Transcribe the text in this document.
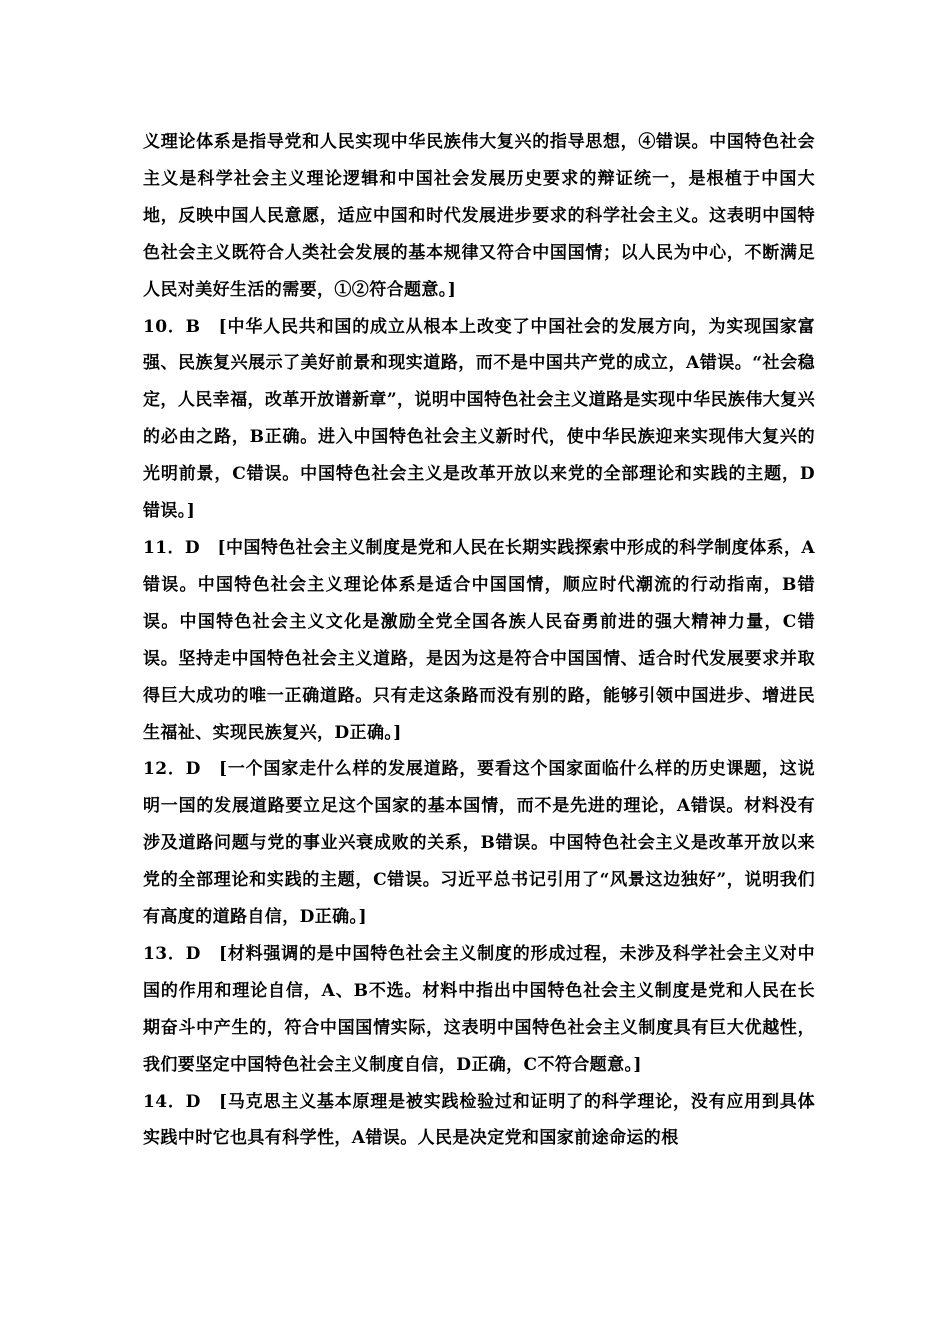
义理论体系是指导党和人民实现中华民族伟大复兴的指导思想，④错误。中国特色社会主义是科学社会主义理论逻辑和中国社会发展历史要求的辩证统一，是根植于中国大地，反映中国人民意愿，适应中国和时代发展进步要求的科学社会主义。这表明中国特色社会主义既符合人类社会发展的基本规律又符合中国国情；以人民为中心，不断满足人民对美好生活的需要，①②符合题意。]

10．B　[中华人民共和国的成立从根本上改变了中国社会的发展方向，为实现国家富强、民族复兴展示了美好前景和现实道路，而不是中国共产党的成立，A错误。“社会稳定，人民幸福，改革开放谱新章”，说明中国特色社会主义道路是实现中华民族伟大复兴的必由之路，B正确。进入中国特色社会主义新时代，使中华民族迎来实现伟大复兴的光明前景，C错误。中国特色社会主义是改革开放以来党的全部理论和实践的主题，D错误。]

11．D　[中国特色社会主义制度是党和人民在长期实践探索中形成的科学制度体系，A错误。中国特色社会主义理论体系是适合中国国情，顺应时代潮流的行动指南，B错误。中国特色社会主义文化是激励全党全国各族人民奋勇前进的强大精神力量，C错误。坚持走中国特色社会主义道路，是因为这是符合中国国情、适合时代发展要求并取得巨大成功的唯一正确道路。只有走这条路而没有别的路，能够引领中国进步、增进民生福祉、实现民族复兴，D正确。]

12．D　[一个国家走什么样的发展道路，要看这个国家面临什么样的历史课题，这说明一国的发展道路要立足这个国家的基本国情，而不是先进的理论，A错误。材料没有涉及道路问题与党的事业兴衰成败的关系，B错误。中国特色社会主义是改革开放以来党的全部理论和实践的主题，C错误。习近平总书记引用了“风景这边独好”，说明我们有高度的道路自信，D正确。]

13．D　[材料强调的是中国特色社会主义制度的形成过程，未涉及科学社会主义对中国的作用和理论自信，A、B不选。材料中指出中国特色社会主义制度是党和人民在长期奋斗中产生的，符合中国国情实际，这表明中国特色社会主义制度具有巨大优越性，我们要坚定中国特色社会主义制度自信，D正确，C不符合题意。]

14．D　[马克思主义基本原理是被实践检验过和证明了的科学理论，没有应用到具体实践中时它也具有科学性，A错误。人民是决定党和国家前途命运的根
